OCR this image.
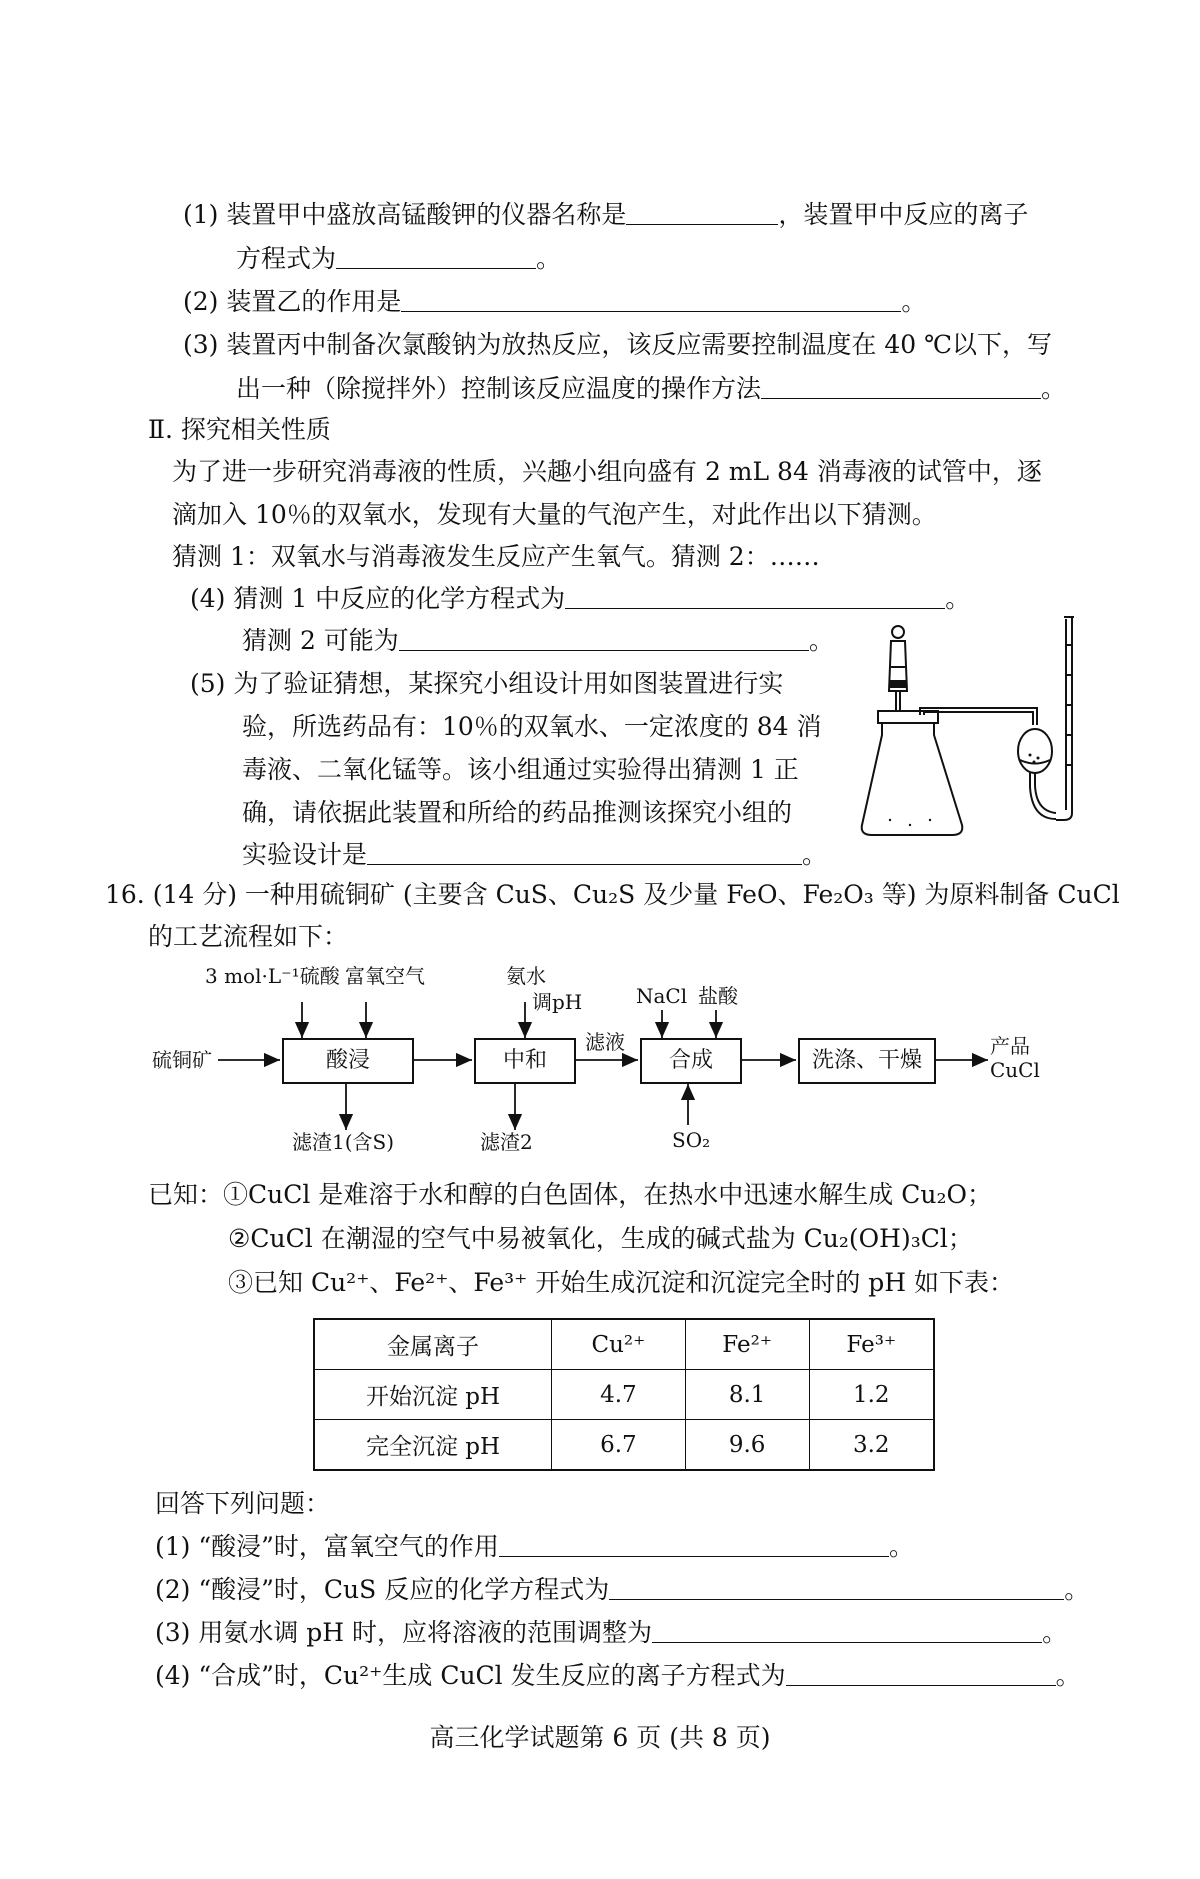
(1) 装置甲中盛放高锰酸钾的仪器名称是	，装置甲中反应的离子
方程式为	。
(2) 装置乙的作用是	。
(3) 装置丙中制备次氯酸钠为放热反应，该反应需要控制温度在 40 ℃以下，写
出一种（除搅拌外）控制该反应温度的操作方法	。
Ⅱ. 探究相关性质
为了进一步研究消毒液的性质，兴趣小组向盛有 2 mL 84 消毒液的试管中，逐
滴加入 10％的双氧水，发现有大量的气泡产生，对此作出以下猜测。
猜测 1：双氧水与消毒液发生反应产生氧气。猜测 2：……
(4) 猜测 1 中反应的化学方程式为	。
猜测 2 可能为	。
(5) 为了验证猜想，某探究小组设计用如图装置进行实
验，所选药品有：10％的双氧水、一定浓度的 84 消
毒液、二氧化锰等。该小组通过实验得出猜测 1 正
确，请依据此装置和所给的药品推测该探究小组的
实验设计是	。
16. (14 分) 一种用硫铜矿 (主要含 CuS、Cu₂S 及少量 FeO、Fe₂O₃ 等) 为原料制备 CuCl
的工艺流程如下：
硫铜矿
3 mol·L⁻¹硫酸 富氧空气
酸浸
滤渣1(含S)
氨水
调pH
中和
滤渣2
滤液
NaCl 盐酸
合成
SO₂
洗涤、干燥
产品
CuCl
已知：①CuCl 是难溶于水和醇的白色固体，在热水中迅速水解生成 Cu₂O；
②CuCl 在潮湿的空气中易被氧化，生成的碱式盐为 Cu₂(OH)₃Cl；
③已知 Cu²⁺、Fe²⁺、Fe³⁺ 开始生成沉淀和沉淀完全时的 pH 如下表：
金属离子	Cu²⁺	Fe²⁺	Fe³⁺
开始沉淀 pH	4.7	8.1	1.2
完全沉淀 pH	6.7	9.6	3.2
回答下列问题：
(1) “酸浸”时，富氧空气的作用	。
(2) “酸浸”时，CuS 反应的化学方程式为	。
(3) 用氨水调 pH 时，应将溶液的范围调整为	。
(4) “合成”时，Cu²⁺生成 CuCl 发生反应的离子方程式为	。
高三化学试题第 6 页 (共 8 页)
